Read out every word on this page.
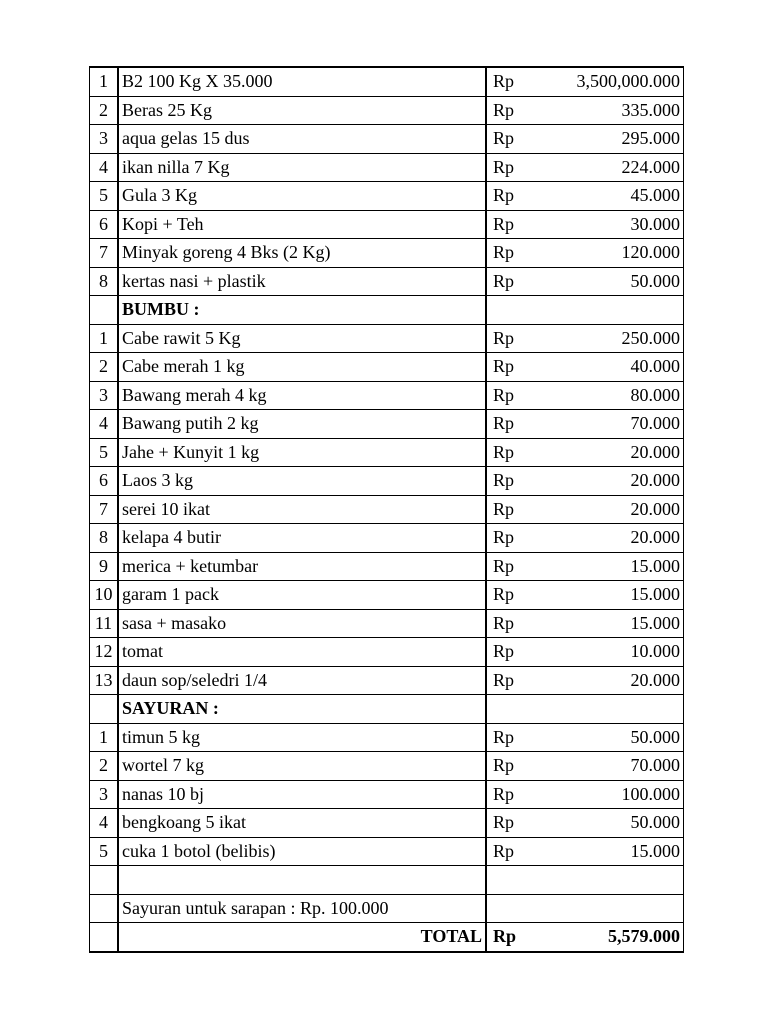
1	B2 100 Kg X 35.000	Rp	3,500,000.000
2	Beras 25 Kg	Rp	335.000
3	aqua gelas 15 dus	Rp	295.000
4	ikan nilla 7 Kg	Rp	224.000
5	Gula 3 Kg	Rp	45.000
6	Kopi + Teh	Rp	30.000
7	Minyak goreng 4 Bks (2 Kg)	Rp	120.000
8	kertas nasi + plastik	Rp	50.000
	BUMBU :		
1	Cabe rawit 5 Kg	Rp	250.000
2	Cabe merah 1 kg	Rp	40.000
3	Bawang merah 4 kg	Rp	80.000
4	Bawang putih 2 kg	Rp	70.000
5	Jahe + Kunyit 1 kg	Rp	20.000
6	Laos 3 kg	Rp	20.000
7	serei 10 ikat	Rp	20.000
8	kelapa 4 butir	Rp	20.000
9	merica + ketumbar	Rp	15.000
10	garam 1 pack	Rp	15.000
11	sasa + masako	Rp	15.000
12	tomat	Rp	10.000
13	daun sop/seledri 1/4	Rp	20.000
	SAYURAN :		
1	timun 5 kg	Rp	50.000
2	wortel 7 kg	Rp	70.000
3	nanas 10 bj	Rp	100.000
4	bengkoang 5 ikat	Rp	50.000
5	cuka 1 botol (belibis)	Rp	15.000

	Sayuran untuk sarapan : Rp. 100.000		
	TOTAL	Rp	5,579.000
